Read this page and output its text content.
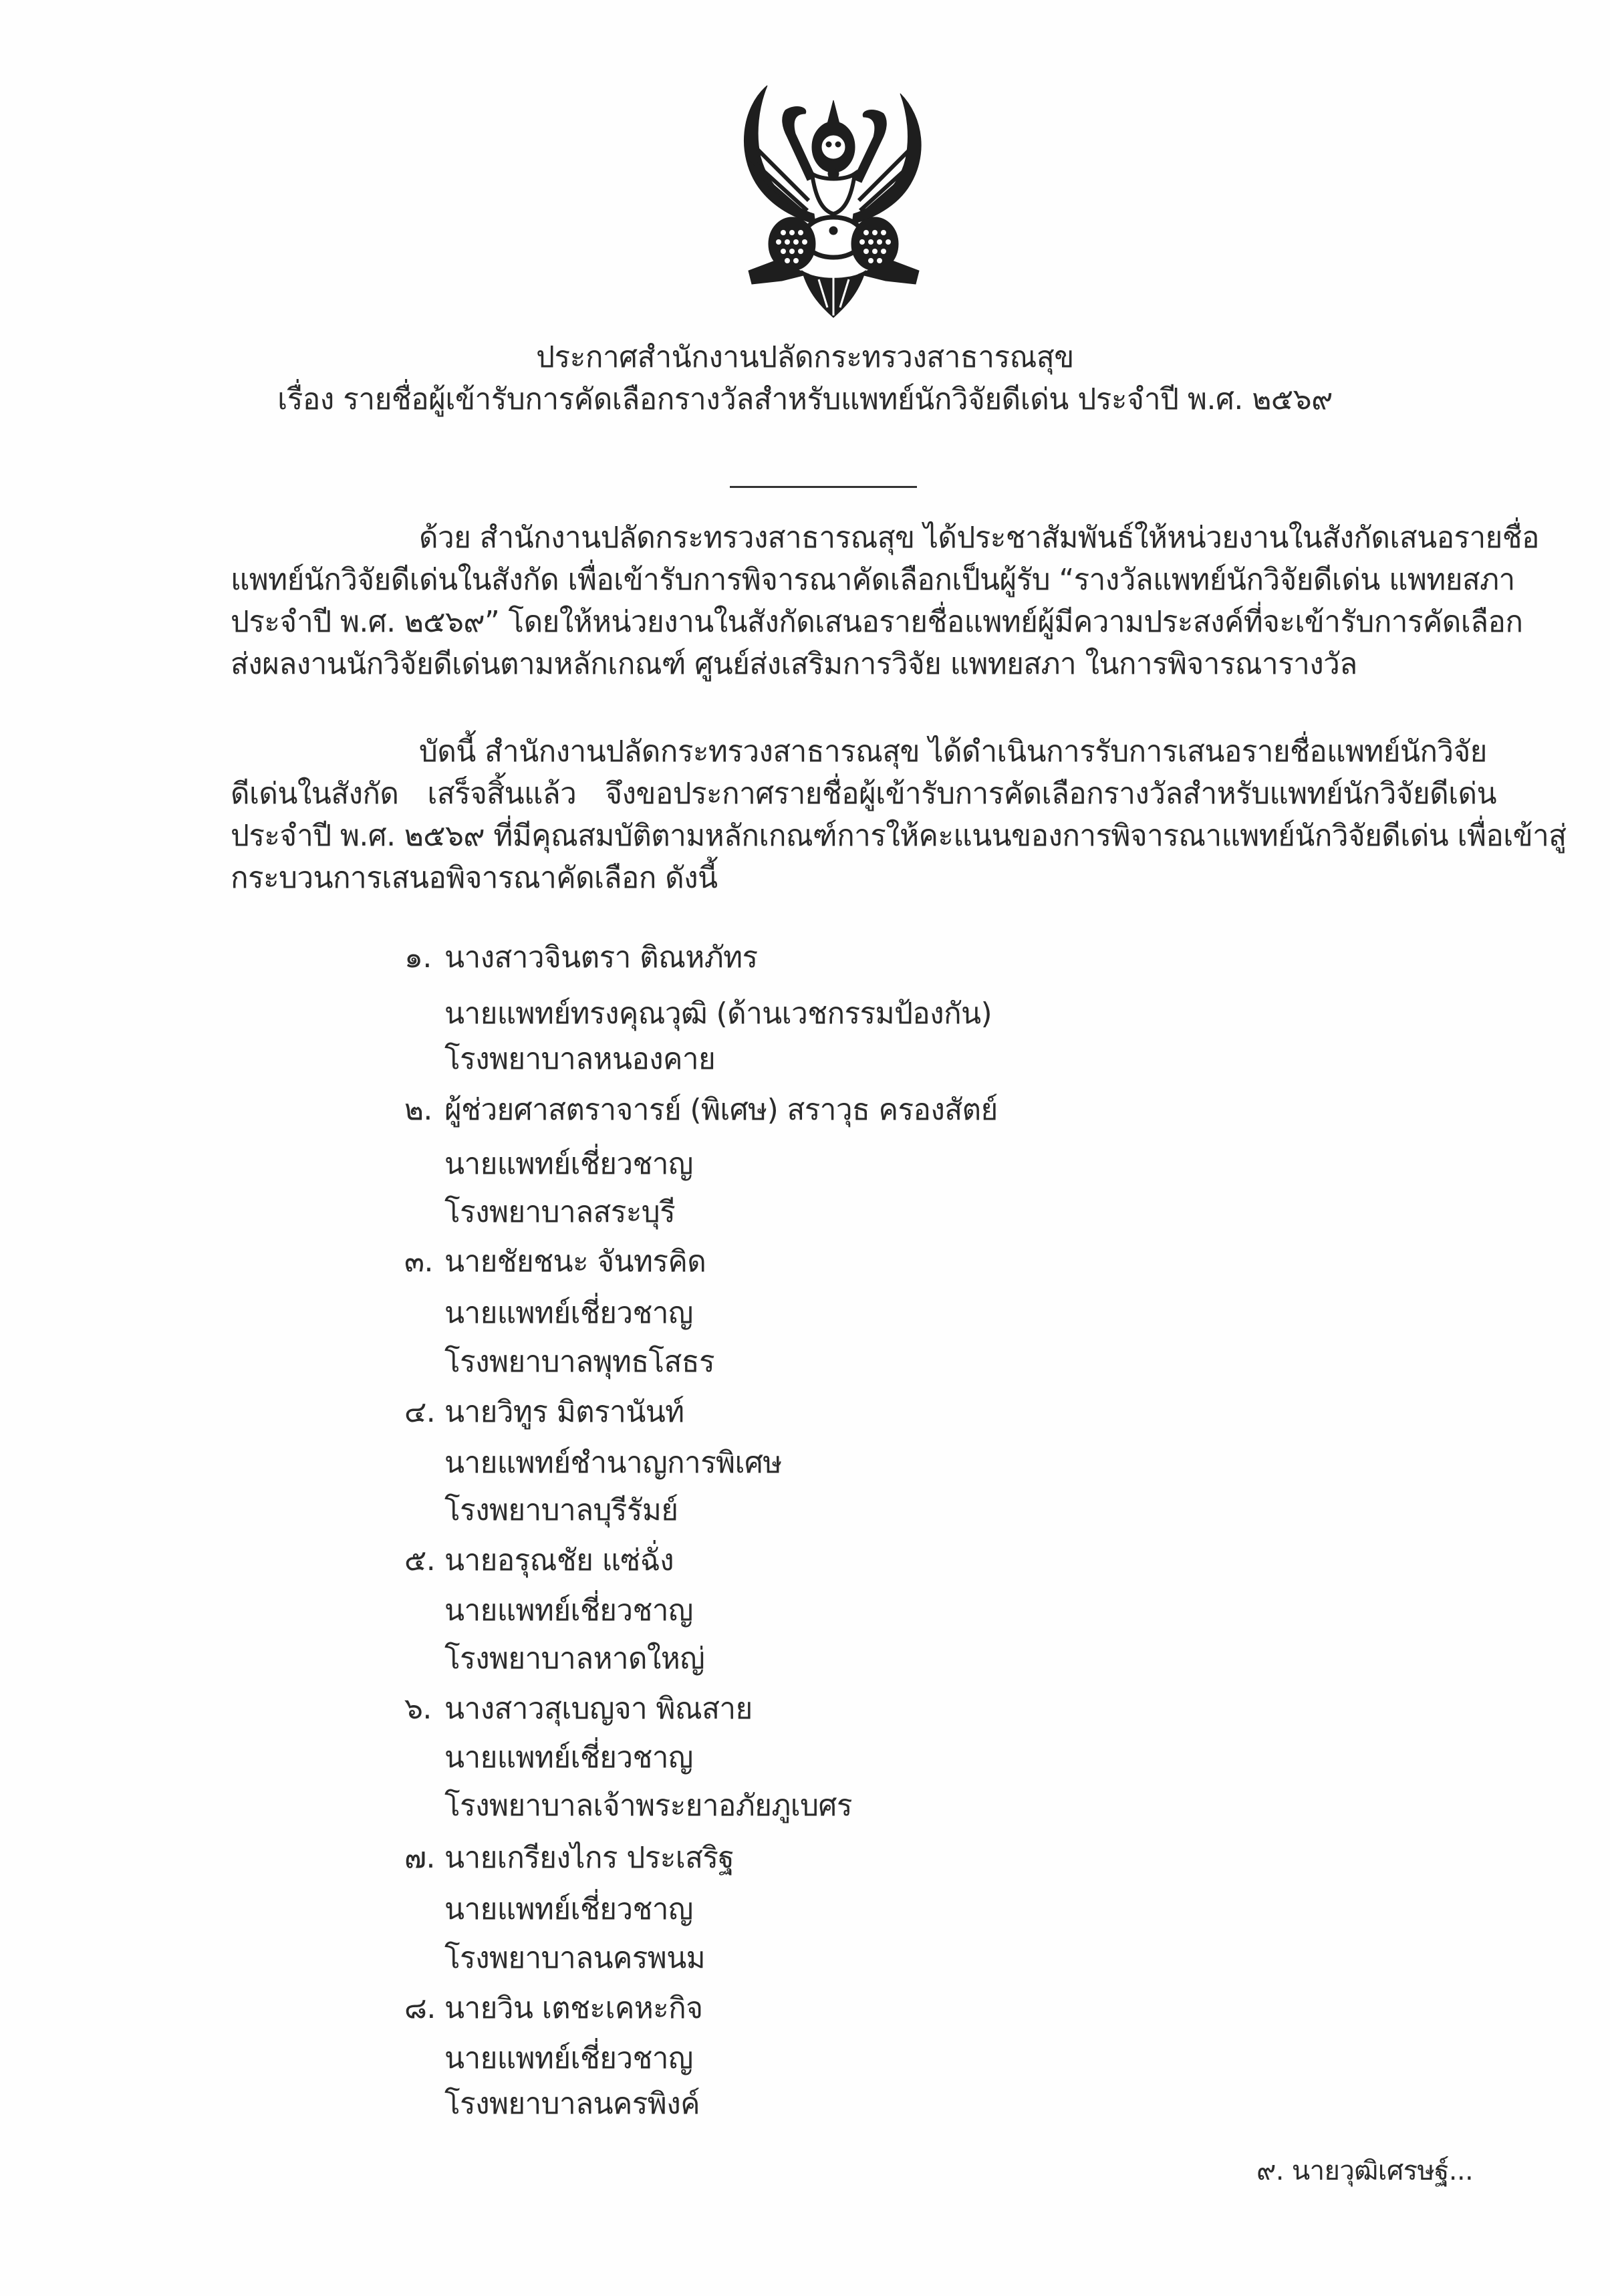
ประกาศสำนักงานปลัดกระทรวงสาธารณสุข
เรื่อง รายชื่อผู้เข้ารับการคัดเลือกรางวัลสำหรับแพทย์นักวิจัยดีเด่น ประจำปี พ.ศ. ๒๕๖๙
ด้วย สำนักงานปลัดกระทรวงสาธารณสุข ได้ประชาสัมพันธ์ให้หน่วยงานในสังกัดเสนอรายชื่อ
แพทย์นักวิจัยดีเด่นในสังกัด เพื่อเข้ารับการพิจารณาคัดเลือกเป็นผู้รับ “รางวัลแพทย์นักวิจัยดีเด่น แพทยสภา
ประจำปี พ.ศ. ๒๕๖๙” โดยให้หน่วยงานในสังกัดเสนอรายชื่อแพทย์ผู้มีความประสงค์ที่จะเข้ารับการคัดเลือก
ส่งผลงานนักวิจัยดีเด่นตามหลักเกณฑ์ ศูนย์ส่งเสริมการวิจัย แพทยสภา ในการพิจารณารางวัล
บัดนี้ สำนักงานปลัดกระทรวงสาธารณสุข ได้ดำเนินการรับการเสนอรายชื่อแพทย์นักวิจัย
ดีเด่นในสังกัด เสร็จสิ้นแล้ว จึงขอประกาศรายชื่อผู้เข้ารับการคัดเลือกรางวัลสำหรับแพทย์นักวิจัยดีเด่น
ประจำปี พ.ศ. ๒๕๖๙ ที่มีคุณสมบัติตามหลักเกณฑ์การให้คะแนนของการพิจารณาแพทย์นักวิจัยดีเด่น เพื่อเข้าสู่
กระบวนการเสนอพิจารณาคัดเลือก ดังนี้
๑. นางสาวจินตรา ติณหภัทร
นายแพทย์ทรงคุณวุฒิ (ด้านเวชกรรมป้องกัน)
โรงพยาบาลหนองคาย
๒. ผู้ช่วยศาสตราจารย์ (พิเศษ) สราวุธ ครองสัตย์
นายแพทย์เชี่ยวชาญ
โรงพยาบาลสระบุรี
๓. นายชัยชนะ จันทรคิด
นายแพทย์เชี่ยวชาญ
โรงพยาบาลพุทธโสธร
๔. นายวิทูร มิตรานันท์
นายแพทย์ชำนาญการพิเศษ
โรงพยาบาลบุรีรัมย์
๕. นายอรุณชัย แซ่ฉั่ง
นายแพทย์เชี่ยวชาญ
โรงพยาบาลหาดใหญ่
๖. นางสาวสุเบญจา พิณสาย
นายแพทย์เชี่ยวชาญ
โรงพยาบาลเจ้าพระยาอภัยภูเบศร
๗. นายเกรียงไกร ประเสริฐ
นายแพทย์เชี่ยวชาญ
โรงพยาบาลนครพนม
๘. นายวิน เตชะเคหะกิจ
นายแพทย์เชี่ยวชาญ
โรงพยาบาลนครพิงค์
๙. นายวุฒิเศรษฐ์...
